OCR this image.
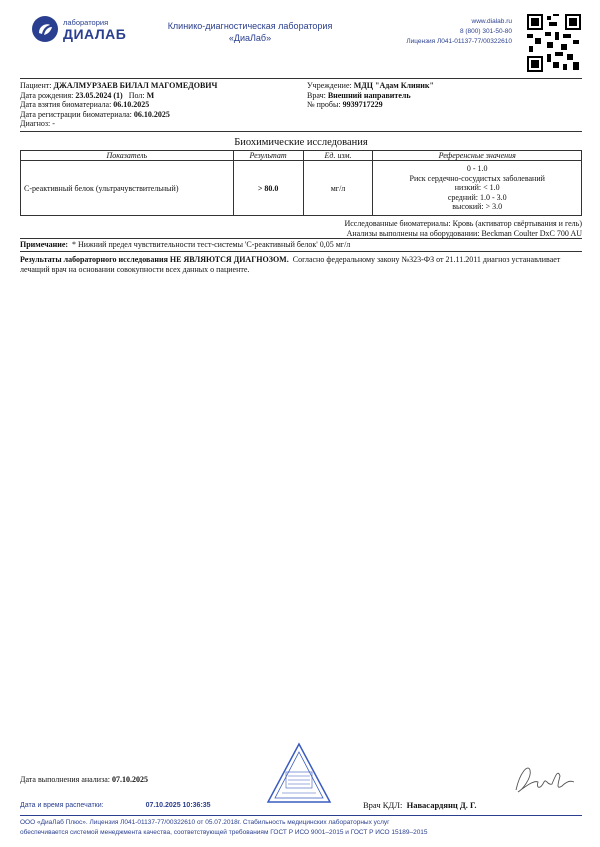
лаборатория
ДИАЛАБ	Клинико-диагностическая лаборатория
«ДиаЛаб»
www.dialab.ru
8 (800) 301-50-80
Лицензия Л041-01137-77/00322610
Пациент: ДЖАЛМУРЗАЕВ БИЛАЛ МАГОМЕДОВИЧ
Дата рождения: 23.05.2024 (1) Пол: М
Дата взятия биоматериала: 06.10.2025
Дата регистрации биоматериала: 06.10.2025
Диагноз: -
Учреждение: МДЦ "Адам Клиник"
Врач: Внешний направитель
№ пробы: 9939717229
Биохимические исследования
Показатель	Результат	Ед. изм.	Референсные значения
С-реактивный белок (ультрачувствительный)	> 80.0	мг/л	0 - 1.0
Риск сердечно-сосудистых заболеваний
низкий: < 1.0
средний: 1.0 - 3.0
высокий: > 3.0
Исследованные биоматериалы: Кровь (активатор свёртывания и гель)
Анализы выполнены на оборудовании: Beckman Coulter DxC 700 AU
Примечание: * Нижний предел чувствительности тест-системы 'С-реактивный белок' 0,05 мг/л
Результаты лабораторного исследования НЕ ЯВЛЯЮТСЯ ДИАГНОЗОМ. Согласно федеральному закону №323-ФЗ от 21.11.2011 диагноз устанавливает лечащий врач на основании совокупности всех данных о пациенте.
Дата выполнения анализа: 07.10.2025
Дата и время распечатки:	07.10.2025 10:36:35	Врач КДЛ: Навасардянц Д. Г.
ООО «ДиаЛаб Плюс». Лицензия Л041-01137-77/00322610 от 05.07.2018г. Стабильность медицинских лабораторных услуг
обеспечивается системой менеджмента качества, соответствующей требованиям ГОСТ Р ИСО 9001–2015 и ГОСТ Р ИСО 15189–2015
